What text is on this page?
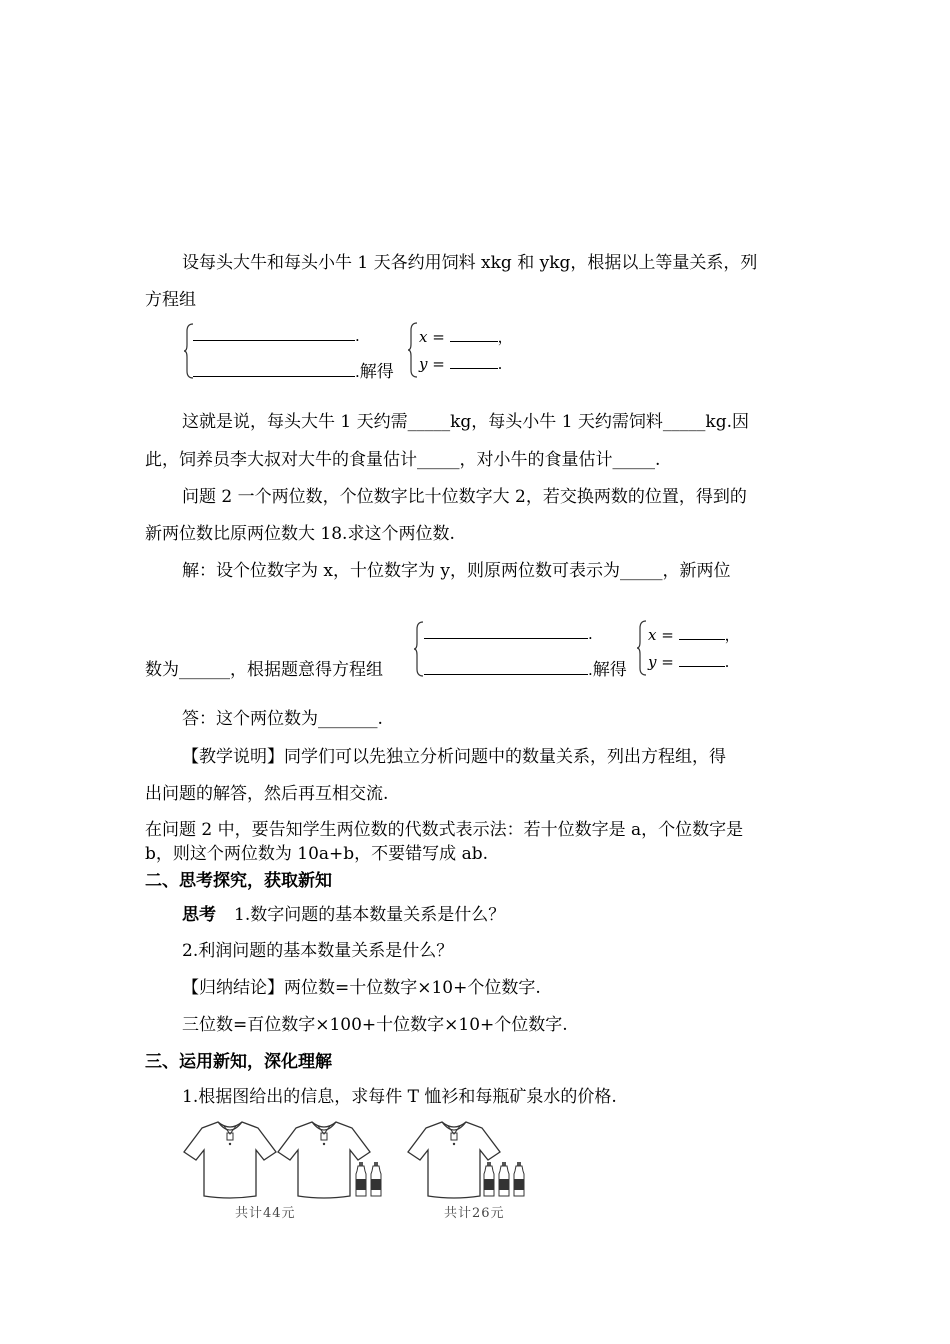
设每头大牛和每头小牛 1 天各约用饲料 xkg 和 ykg，根据以上等量关系，列
方程组
.
.解得
x =	，
y =	.
这就是说，每头大牛 1 天约需_____kg，每头小牛 1 天约需饲料_____kg.因
此，饲养员李大叔对大牛的食量估计_____，对小牛的食量估计_____.
问题 2 一个两位数，个位数字比十位数字大 2，若交换两数的位置，得到的
新两位数比原两位数大 18.求这个两位数.
解：设个位数字为 x，十位数字为 y，则原两位数可表示为_____，新两位
数为______，根据题意得方程组
.
.解得
x =	，
y =	.
答：这个两位数为_______.
【教学说明】同学们可以先独立分析问题中的数量关系，列出方程组，得
出问题的解答，然后再互相交流.
在问题 2 中，要告知学生两位数的代数式表示法：若十位数字是 a，个位数字是
b，则这个两位数为 10a+b，不要错写成 ab.
二、思考探究，获取新知
思考 1.数字问题的基本数量关系是什么？
2.利润问题的基本数量关系是什么？
【归纳结论】两位数=十位数字×10+个位数字.
三位数=百位数字×100+十位数字×10+个位数字.
三、运用新知，深化理解
1.根据图给出的信息，求每件 T 恤衫和每瓶矿泉水的价格.
共计44元	共计26元
